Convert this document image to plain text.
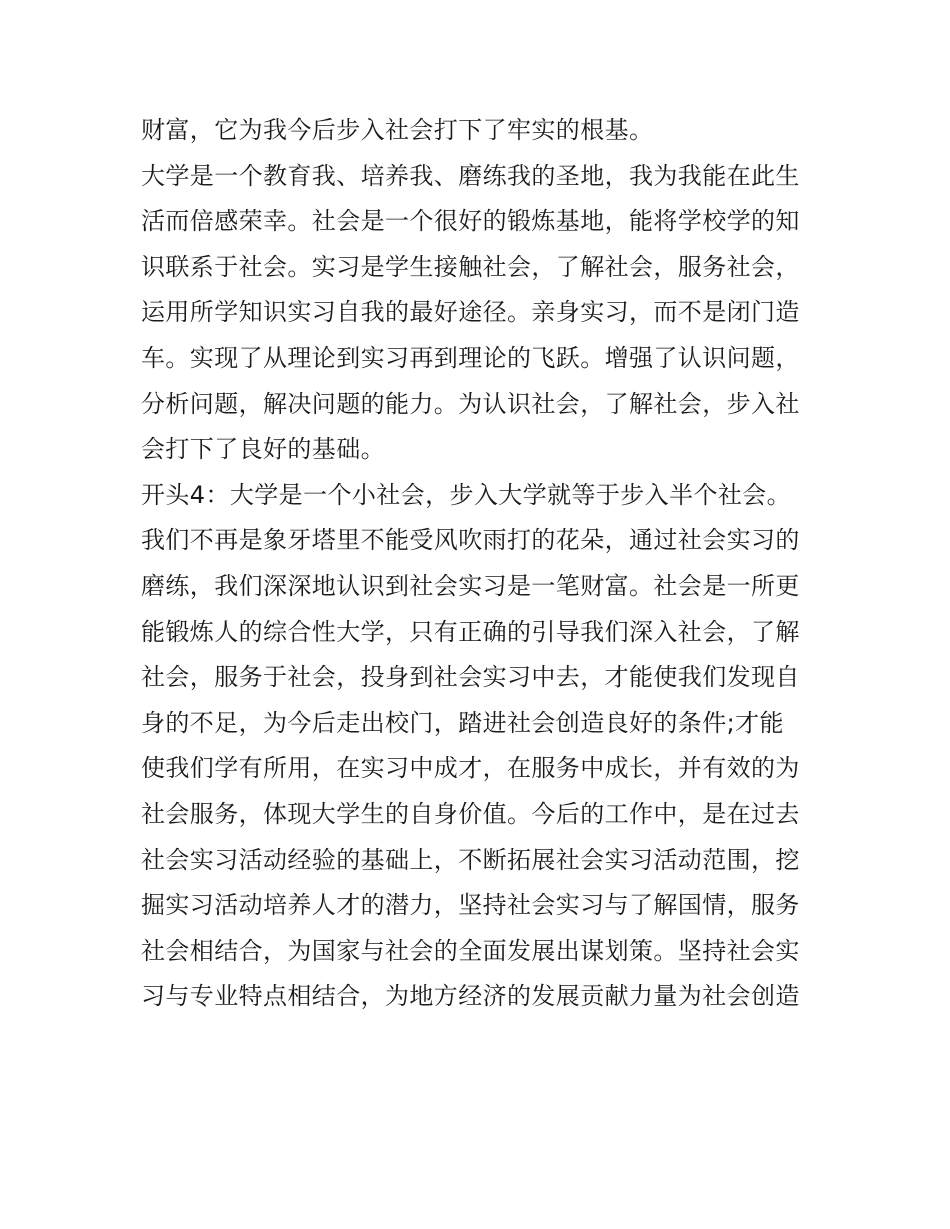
财富，它为我今后步入社会打下了牢实的根基。
大学是一个教育我、培养我、磨练我的圣地，我为我能在此生
活而倍感荣幸。社会是一个很好的锻炼基地，能将学校学的知
识联系于社会。实习是学生接触社会，了解社会，服务社会，
运用所学知识实习自我的最好途径。亲身实习，而不是闭门造
车。实现了从理论到实习再到理论的飞跃。增强了认识问题，
分析问题，解决问题的能力。为认识社会，了解社会，步入社
会打下了良好的基础。
开头4：大学是一个小社会，步入大学就等于步入半个社会。
我们不再是象牙塔里不能受风吹雨打的花朵，通过社会实习的
磨练，我们深深地认识到社会实习是一笔财富。社会是一所更
能锻炼人的综合性大学，只有正确的引导我们深入社会，了解
社会，服务于社会，投身到社会实习中去，才能使我们发现自
身的不足，为今后走出校门，踏进社会创造良好的条件;才能
使我们学有所用，在实习中成才，在服务中成长，并有效的为
社会服务，体现大学生的自身价值。今后的工作中，是在过去
社会实习活动经验的基础上，不断拓展社会实习活动范围，挖
掘实习活动培养人才的潜力，坚持社会实习与了解国情，服务
社会相结合，为国家与社会的全面发展出谋划策。坚持社会实
习与专业特点相结合，为地方经济的发展贡献力量为社会创造
